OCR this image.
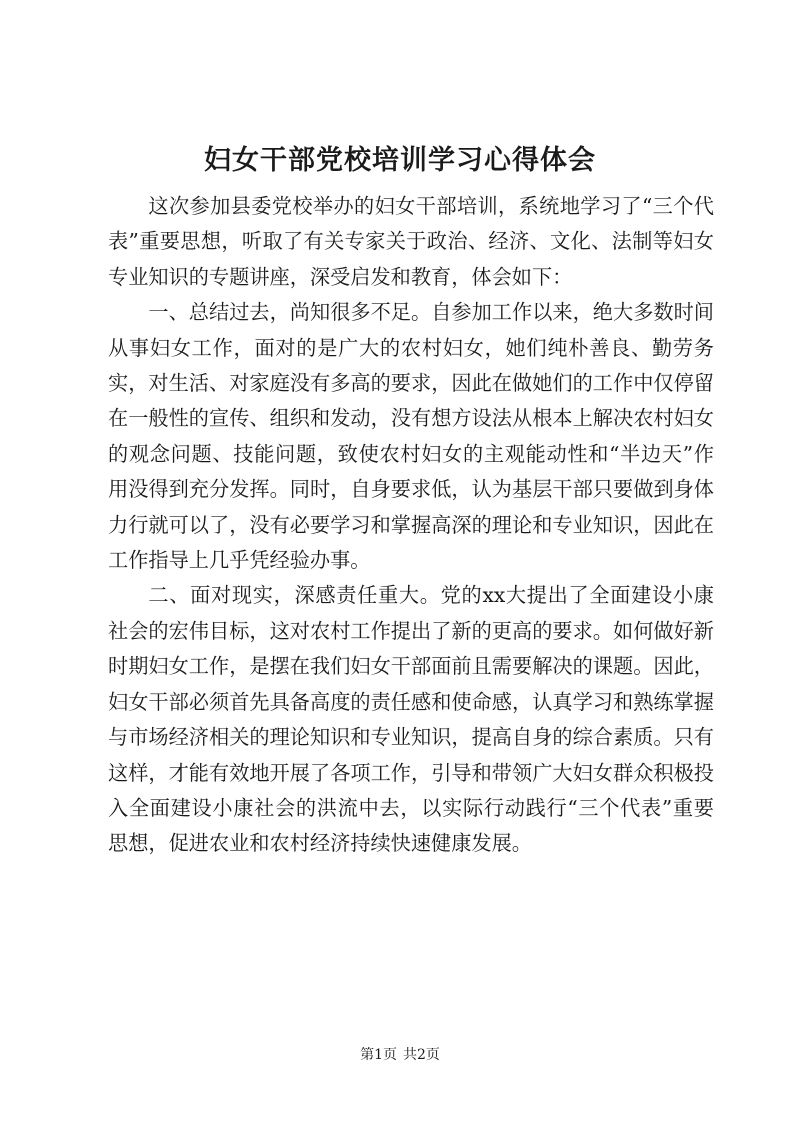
妇女干部党校培训学习心得体会

这次参加县委党校举办的妇女干部培训，系统地学习了“三个代表”重要思想，听取了有关专家关于政治、经济、文化、法制等妇女专业知识的专题讲座，深受启发和教育，体会如下：

一、总结过去，尚知很多不足。自参加工作以来，绝大多数时间从事妇女工作，面对的是广大的农村妇女，她们纯朴善良、勤劳务实，对生活、对家庭没有多高的要求，因此在做她们的工作中仅停留在一般性的宣传、组织和发动，没有想方设法从根本上解决农村妇女的观念问题、技能问题，致使农村妇女的主观能动性和“半边天”作用没得到充分发挥。同时，自身要求低，认为基层干部只要做到身体力行就可以了，没有必要学习和掌握高深的理论和专业知识，因此在工作指导上几乎凭经验办事。

二、面对现实，深感责任重大。党的xx大提出了全面建设小康社会的宏伟目标，这对农村工作提出了新的更高的要求。如何做好新时期妇女工作，是摆在我们妇女干部面前且需要解决的课题。因此，妇女干部必须首先具备高度的责任感和使命感，认真学习和熟练掌握与市场经济相关的理论知识和专业知识，提高自身的综合素质。只有这样，才能有效地开展了各项工作，引导和带领广大妇女群众积极投入全面建设小康社会的洪流中去，以实际行动践行“三个代表”重要思想，促进农业和农村经济持续快速健康发展。

第1页 共2页
